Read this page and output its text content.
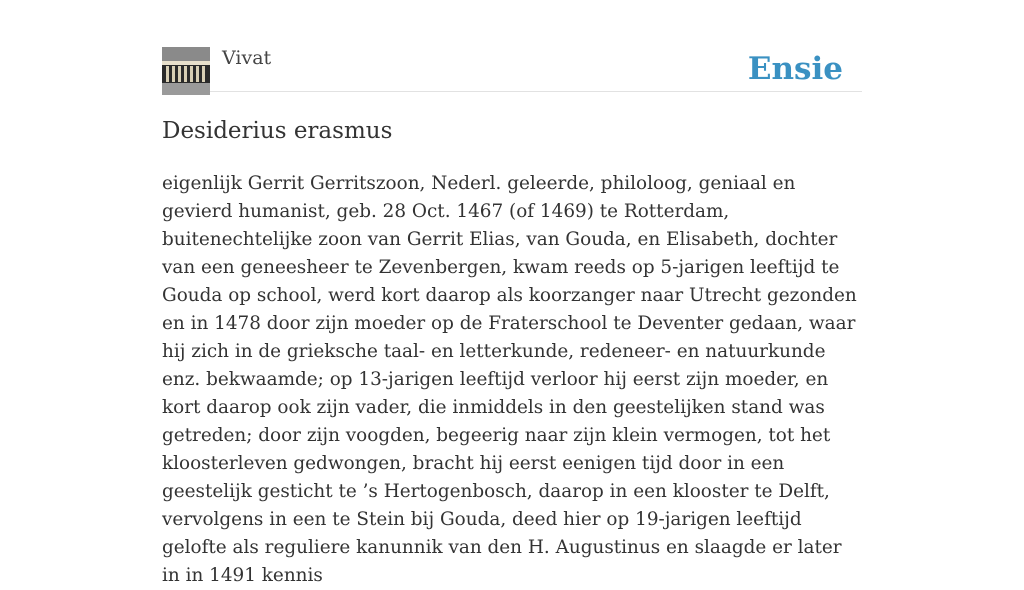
Vivat	Ensie
Desiderius erasmus

eigenlijk Gerrit Gerritszoon, Nederl. geleerde, philoloog, geniaal en gevierd humanist, geb. 28 Oct. 1467 (of 1469) te Rotterdam, buitenechtelijke zoon van Gerrit Elias, van Gouda, en Elisabeth, dochter van een geneesheer te Zevenbergen, kwam reeds op 5-jarigen leeftijd te Gouda op school, werd kort daarop als koorzanger naar Utrecht gezonden en in 1478 door zijn moeder op de Fraterschool te Deventer gedaan, waar hij zich in de grieksche taal- en letterkunde, redeneer- en natuurkunde enz. bekwaamde; op 13-jarigen leeftijd verloor hij eerst zijn moeder, en kort daarop ook zijn vader, die inmiddels in den geestelijken stand was getreden; door zijn voogden, begeerig naar zijn klein vermogen, tot het kloosterleven gedwongen, bracht hij eerst eenigen tijd door in een geestelijk gesticht te ’s Hertogenbosch, daarop in een klooster te Delft, vervolgens in een te Stein bij Gouda, deed hier op 19-jarigen leeftijd gelofte als reguliere kanunnik van den H. Augustinus en slaagde er later in in 1491 kennis
